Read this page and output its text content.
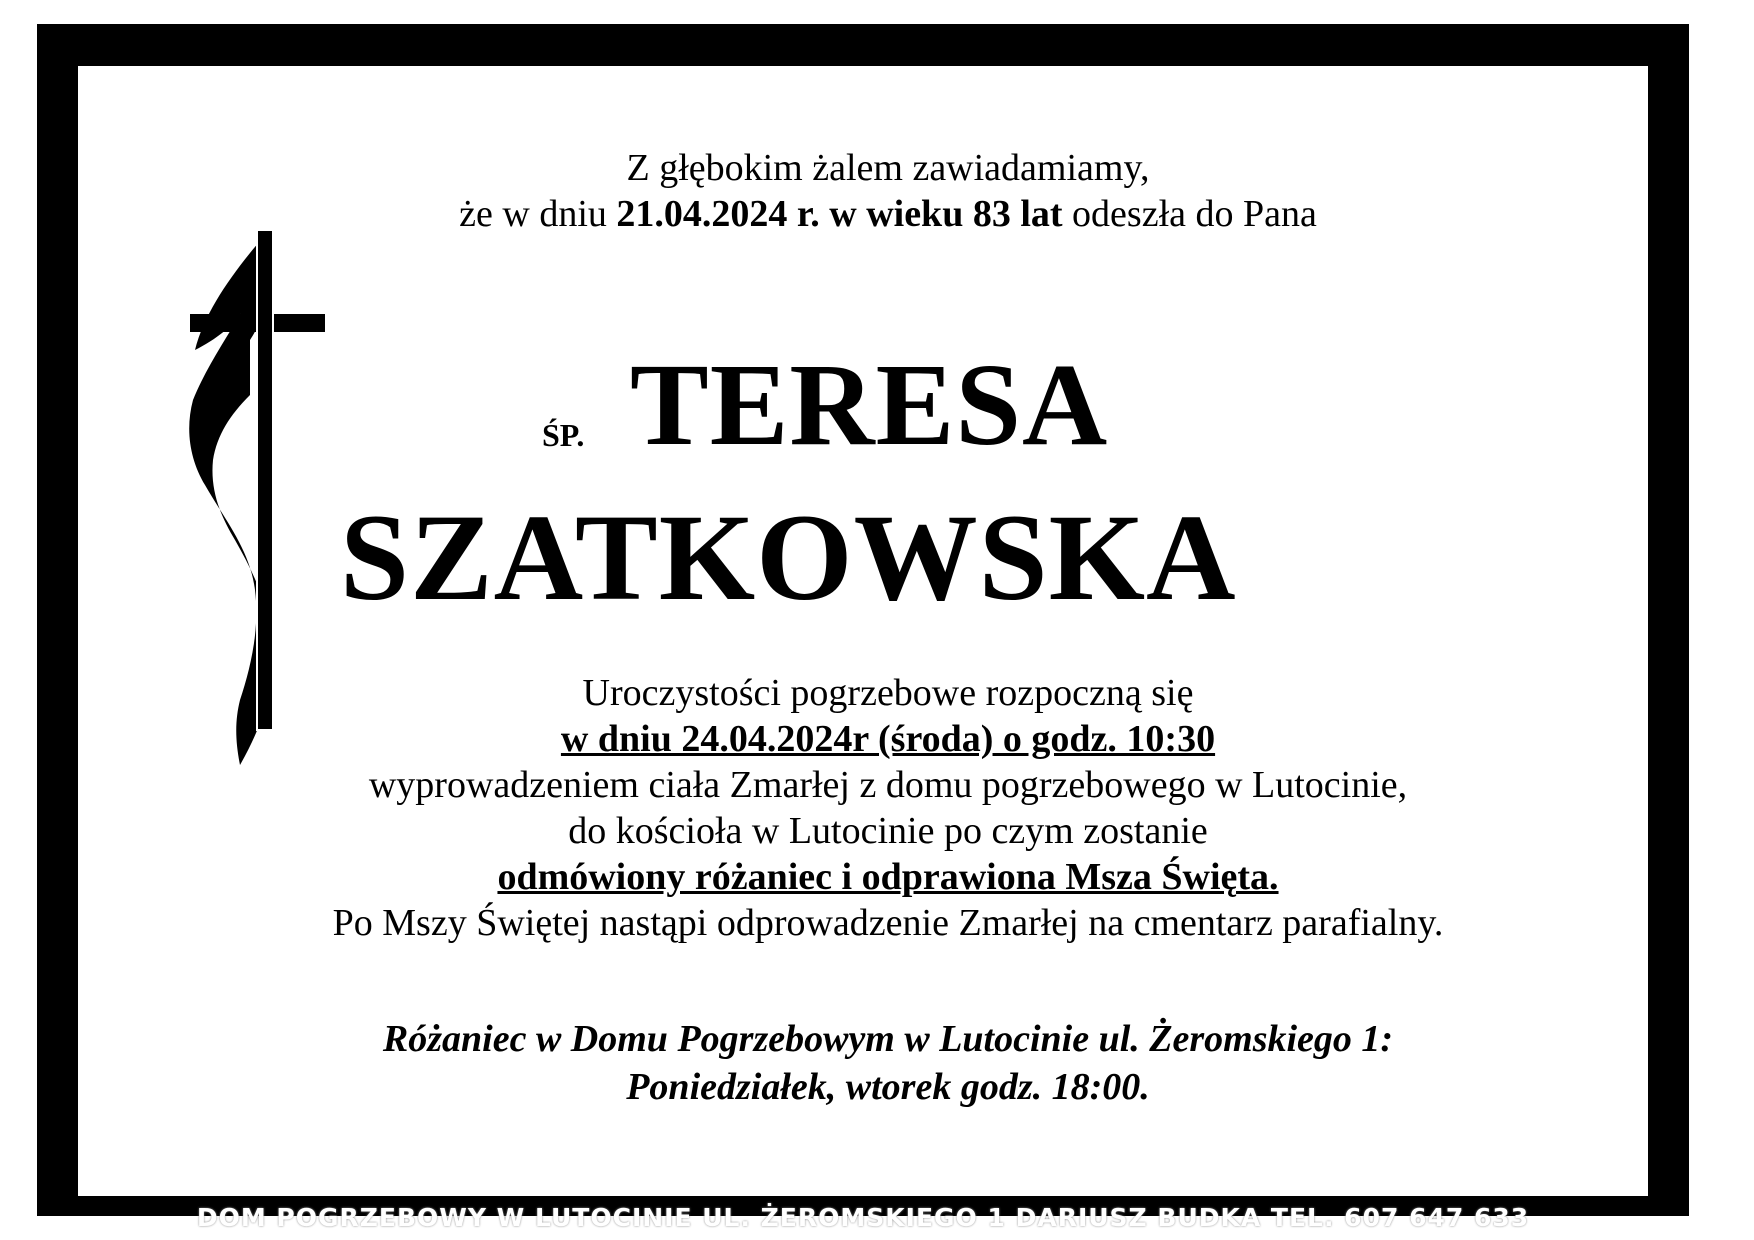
Z głębokim żalem zawiadamiamy,
że w dniu 21.04.2024 r. w wieku 83 lat odeszła do Pana
ŚP. TERESA
SZATKOWSKA
Uroczystości pogrzebowe rozpoczną się
w dniu 24.04.2024r (środa) o godz. 10:30
wyprowadzeniem ciała Zmarłej z domu pogrzebowego w Lutocinie,
do kościoła w Lutocinie po czym zostanie
odmówiony różaniec i odprawiona Msza Święta.
Po Mszy Świętej nastąpi odprowadzenie Zmarłej na cmentarz parafialny.
Różaniec w Domu Pogrzebowym w Lutocinie ul. Żeromskiego 1:
Poniedziałek, wtorek godz. 18:00.
DOM POGRZEBOWY W LUTOCINIE UL. ŻEROMSKIEGO 1 DARIUSZ BUDKA TEL. 607 647 633
